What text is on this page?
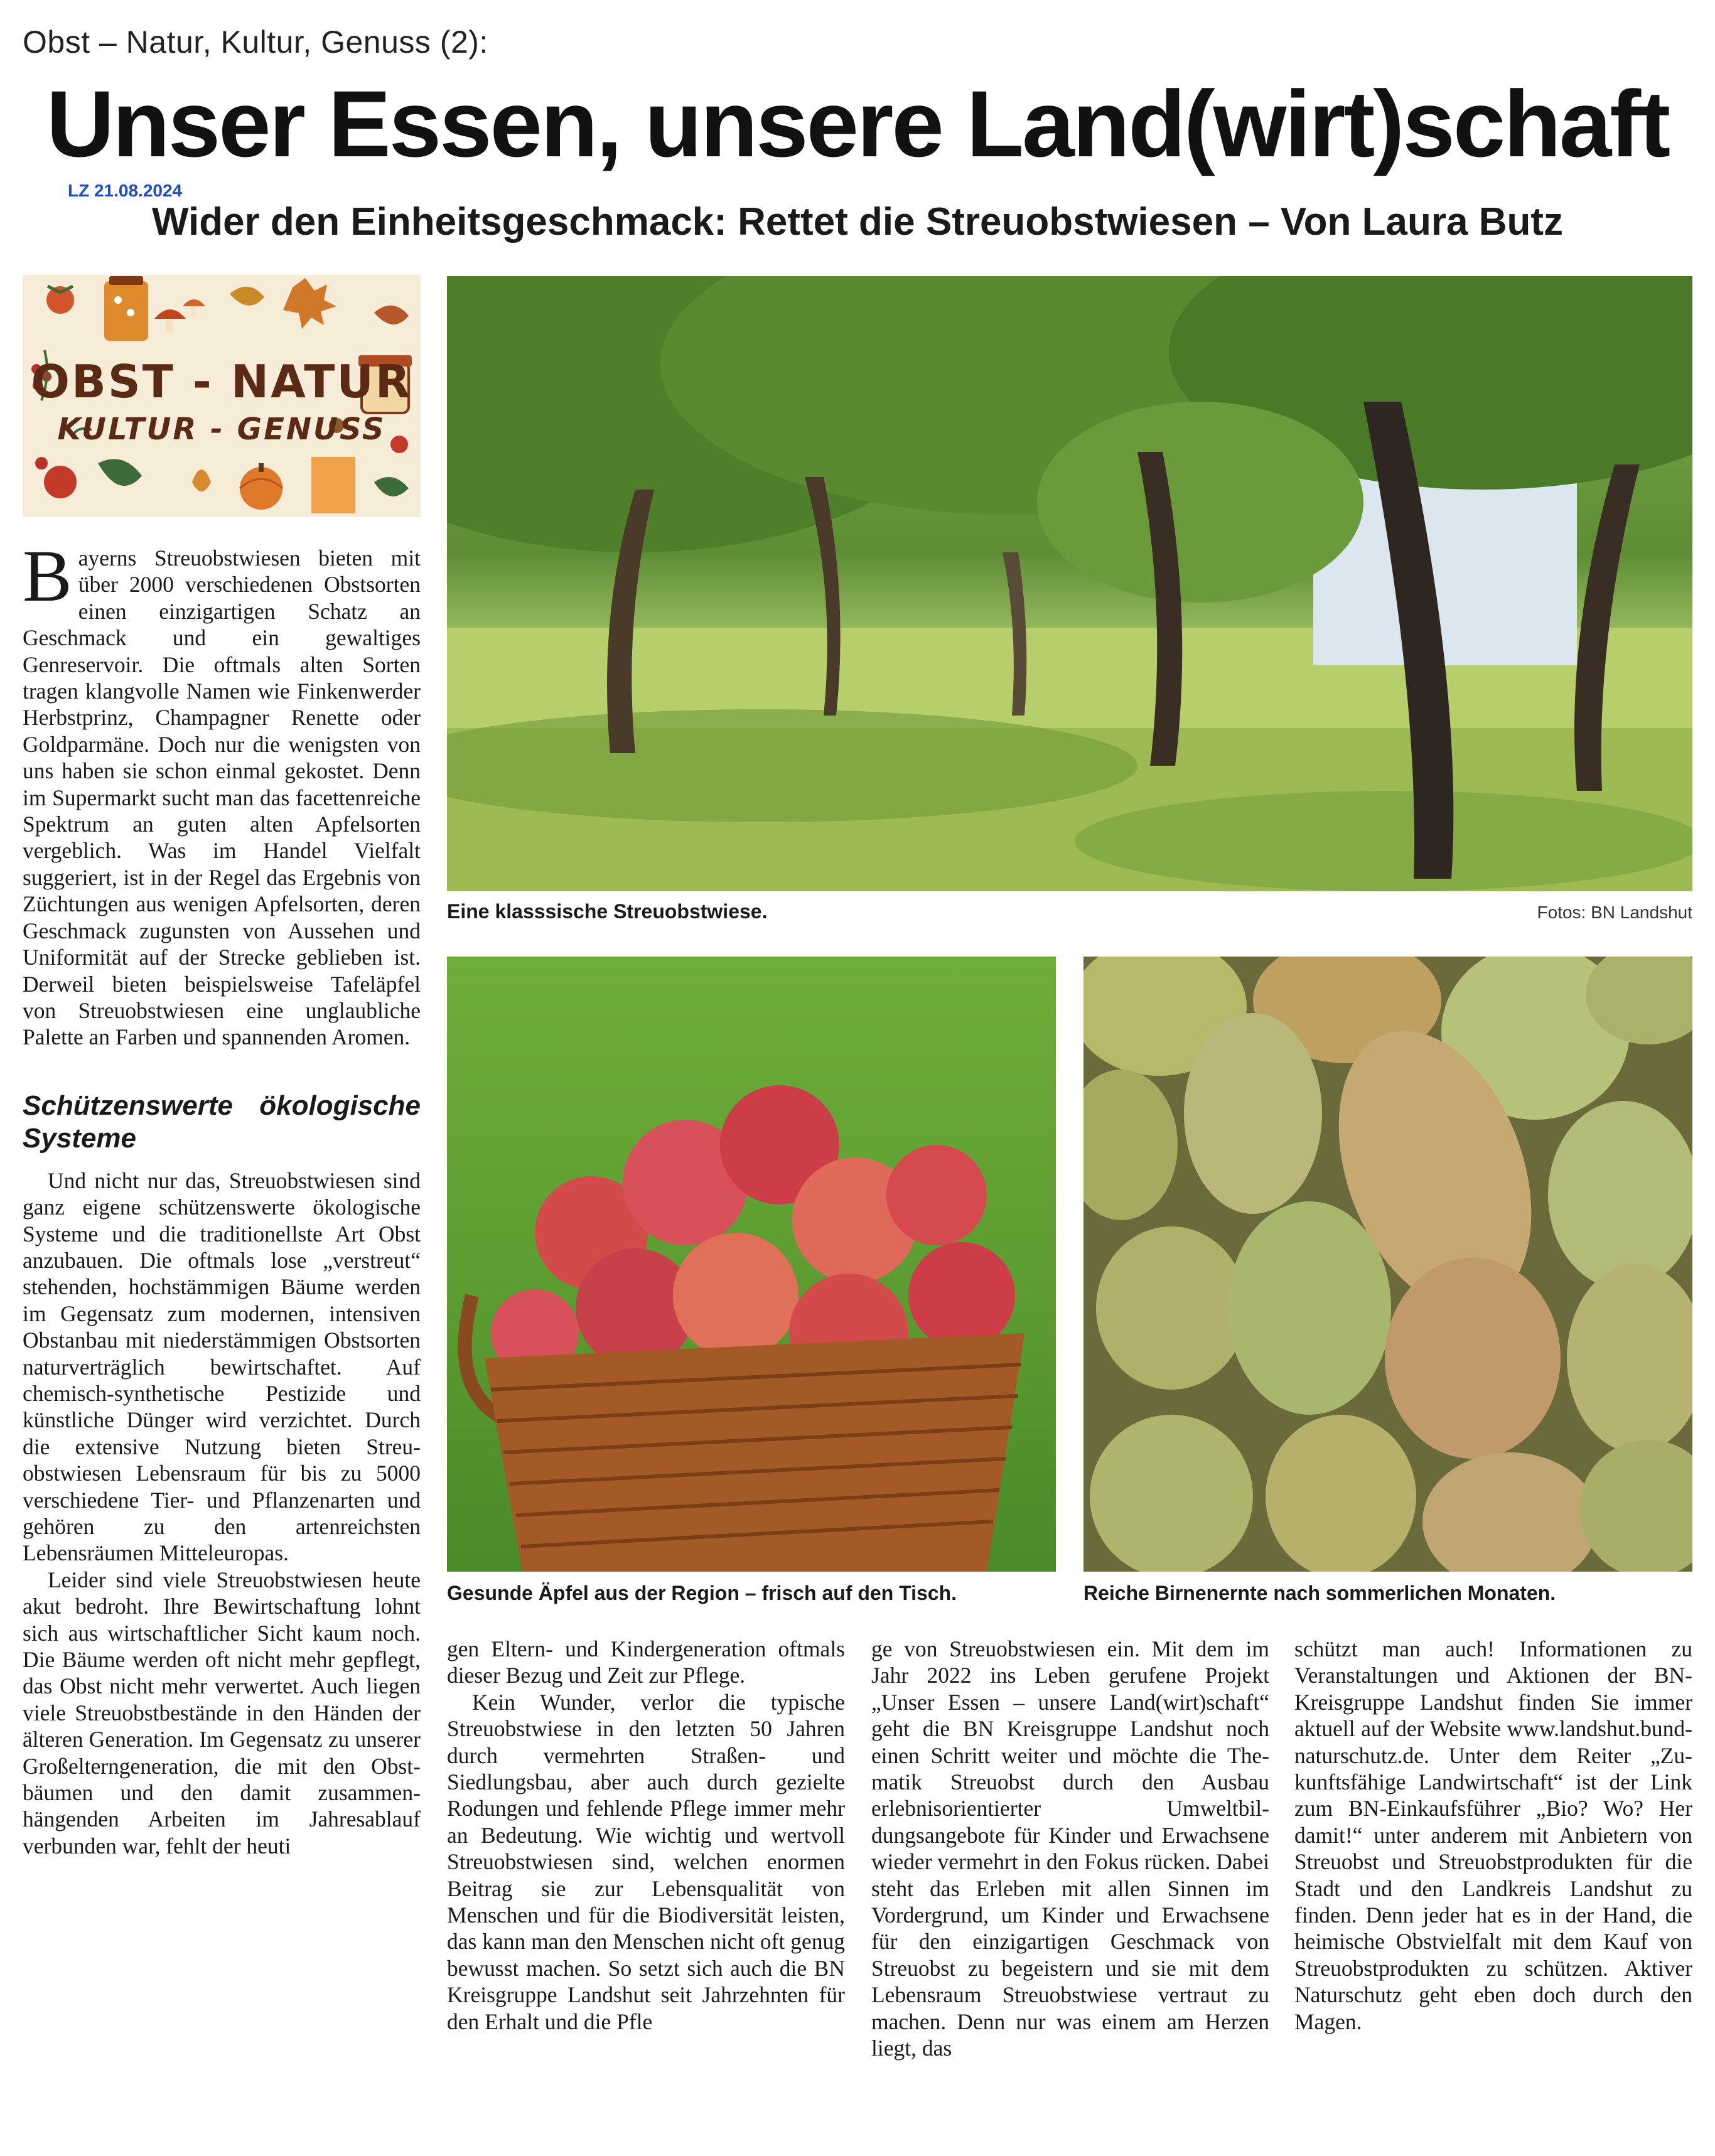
Obst – Natur, Kultur, Genuss (2):
Unser Essen, unsere Land(wirt)schaft
LZ 21.08.2024
Wider den Einheitsgeschmack: Rettet die Streuobstwiesen – Von Laura Butz
OBST - NATUR
KULTUR - GENUSS
Eine klasssische Streuobstwiese.	Fotos: BN Landshut
Gesunde Äpfel aus der Region – frisch auf den Tisch.	Reiche Birnenernte nach sommerlichen Monaten.

Bayerns Streuobstwiesen bieten mit über 2000 verschiedenen Obstsorten einen einzigartigen Schatz an Geschmack und ein gewaltiges Genreservoir. Die oftmals alten Sorten tragen klangvolle Namen wie Finkenwerder Herbstprinz, Champagner Renette oder Goldparmäne. Doch nur die wenigsten von uns haben sie schon einmal gekostet. Denn im Supermarkt sucht man das facettenreiche Spektrum an guten alten Apfelsorten vergeblich. Was im Handel Vielfalt suggeriert, ist in der Regel das Ergebnis von Züchtungen aus wenigen Apfelsorten, deren Geschmack zugunsten von Aussehen und Uniformität auf der Strecke geblieben ist. Derweil bieten beispielsweise Tafeläpfel von Streuobstwiesen eine unglaubliche Palette an Farben und spannenden Aromen.

Schützenswerte ökologische Systeme

Und nicht nur das, Streuobstwiesen sind ganz eigene schützenswerte ökologische Systeme und die traditionellste Art Obst anzubauen. Die oftmals lose „verstreut“ stehenden, hochstämmigen Bäume werden im Gegensatz zum modernen, intensiven Obstanbau mit niederstämmigen Obstsorten naturverträglich bewirtschaftet. Auf chemisch-synthetische Pestizide und künstliche Dünger wird verzichtet. Durch die extensive Nutzung bieten Streuobstwiesen Lebensraum für bis zu 5000 verschiedene Tier- und Pflanzenarten und gehören zu den artenreichsten Lebensräumen Mitteleuropas.

Leider sind viele Streuobstwiesen heute akut bedroht. Ihre Bewirtschaftung lohnt sich aus wirtschaftlicher Sicht kaum noch. Die Bäume werden oft nicht mehr gepflegt, das Obst nicht mehr verwertet. Auch liegen viele Streuobstbestände in den Händen der älteren Generation. Im Gegensatz zu unserer Großelterngeneration, die mit den Obstbäumen und den damit zusammenhängenden Arbeiten im Jahresablauf verbunden war, fehlt der heuti

gen Eltern- und Kindergeneration oftmals dieser Bezug und Zeit zur Pflege.

Kein Wunder, verlor die typische Streuobstwiese in den letzten 50 Jahren durch vermehrten Straßen- und Siedlungsbau, aber auch durch gezielte Rodungen und fehlende Pflege immer mehr an Bedeutung. Wie wichtig und wertvoll Streuobstwiesen sind, welchen enormen Beitrag sie zur Lebensqualität von Menschen und für die Biodiversität leisten, das kann man den Menschen nicht oft genug bewusst machen. So setzt sich auch die BN Kreisgruppe Landshut seit Jahrzehnten für den Erhalt und die Pfle

ge von Streuobstwiesen ein. Mit dem im Jahr 2022 ins Leben gerufene Projekt „Unser Essen – unsere Land(wirt)schaft“ geht die BN Kreisgruppe Landshut noch einen Schritt weiter und möchte die Thematik Streuobst durch den Ausbau erlebnisorientierter Umweltbildungsangebote für Kinder und Erwachsene wieder vermehrt in den Fokus rücken. Dabei steht das Erleben mit allen Sinnen im Vordergrund, um Kinder und Erwachsene für den einzigartigen Geschmack von Streuobst zu begeistern und sie mit dem Lebensraum Streuobstwiese vertraut zu machen. Denn nur was einem am Herzen liegt, das

schützt man auch! Informationen zu Veranstaltungen und Aktionen der BN-Kreisgruppe Landshut finden Sie immer aktuell auf der Website www.landshut.bund-naturschutz.de. Unter dem Reiter „Zukunftsfähige Landwirtschaft“ ist der Link zum BN-Einkaufsführer „Bio? Wo? Her damit!“ unter anderem mit Anbietern von Streuobst und Streuobstprodukten für die Stadt und den Landkreis Landshut zu finden. Denn jeder hat es in der Hand, die heimische Obstvielfalt mit dem Kauf von Streuobstprodukten zu schützen. Aktiver Naturschutz geht eben doch durch den Magen.
